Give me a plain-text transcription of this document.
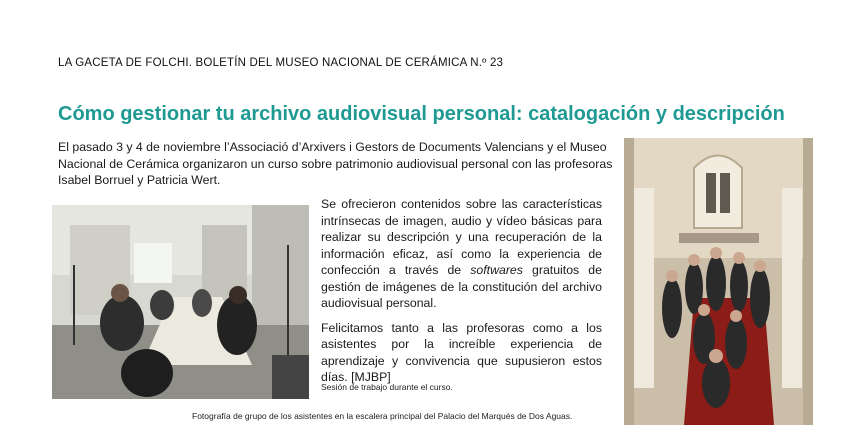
LA GACETA DE FOLCHI. BOLETÍN DEL MUSEO NACIONAL DE CERÁMICA N.º 23
Cómo gestionar tu archivo audiovisual personal: catalogación y descripción
El pasado 3 y 4 de noviembre l’Associació d’Arxivers i Gestors de Documents Valencians y el Museo Nacional de Cerámica organizaron un curso sobre patrimonio audiovisual personal con las profesoras Isabel Borruel y Patricia Wert.

Se ofrecieron contenidos sobre las características intrínsecas de imagen, audio y vídeo básicas para realizar su descripción y una recuperación de la información eficaz, así como la experiencia de confección a través de softwares gratuitos de gestión de imágenes de la constitución del archivo audiovisual personal.

Felicitamos tanto a las profesoras como a los asistentes por la increíble experiencia de aprendizaje y convivencia que supusieron estos días. [MJBP]

Sesión de trabajo durante el curso.
Fotografía de grupo de los asistentes en la escalera principal del Palacio del Marqués de Dos Aguas.
